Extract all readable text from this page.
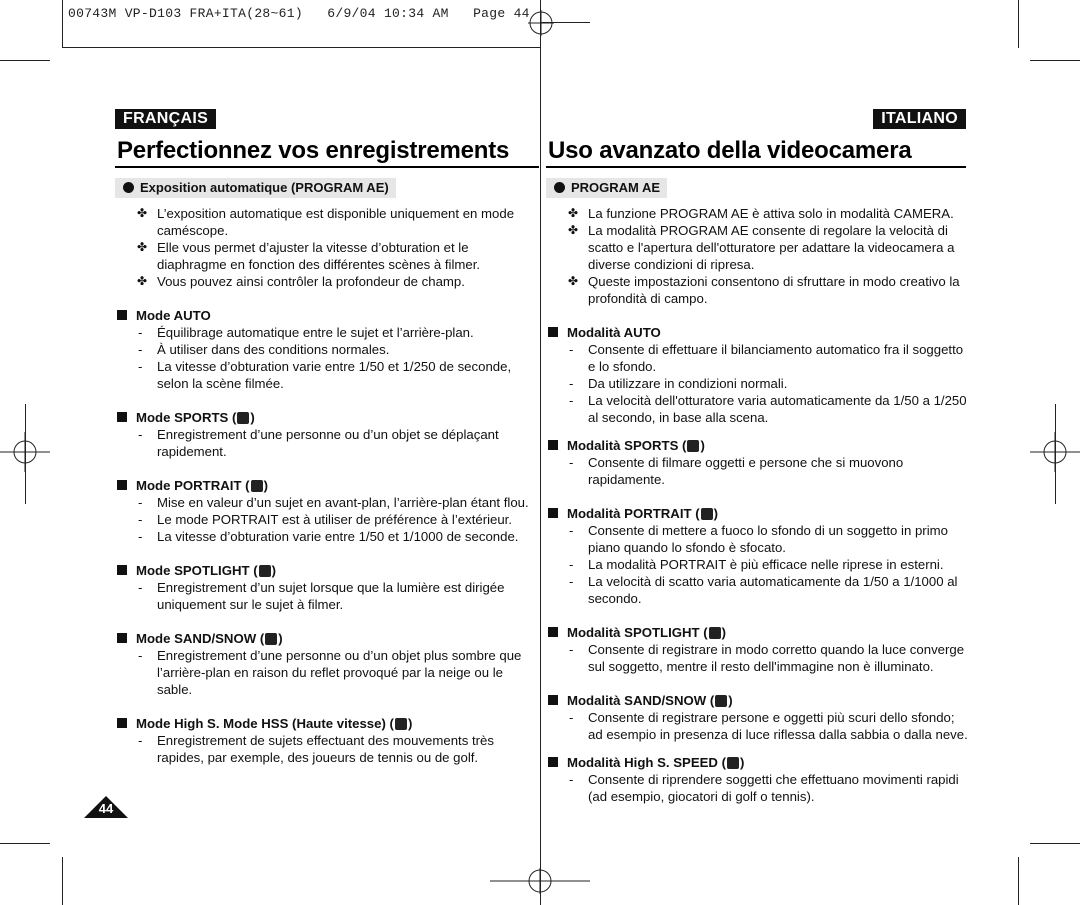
00743M VP-D103 FRA+ITA(28~61)   6/9/04 10:34 AM   Page 44
FRANÇAIS	ITALIANO
Perfectionnez vos enregistrements Uso avanzato della videocamera
Exposition automatique (PROGRAM AE)
✤ L’exposition automatique est disponible uniquement en mode caméscope.
✤ Elle vous permet d’ajuster la vitesse d’obturation et le diaphragme en fonction des différentes scènes à filmer.
✤ Vous pouvez ainsi contrôler la profondeur de champ.
Mode AUTO
- Équilibrage automatique entre le sujet et l’arrière-plan.
- À utiliser dans des conditions normales.
- La vitesse d’obturation varie entre 1/50 et 1/250 de seconde, selon la scène filmée.
Mode SPORTS ( )
- Enregistrement d’une personne ou d’un objet se déplaçant rapidement.
Mode PORTRAIT ( )
- Mise en valeur d’un sujet en avant-plan, l’arrière-plan étant flou.
- Le mode PORTRAIT est à utiliser de préférence à l’extérieur.
- La vitesse d’obturation varie entre 1/50 et 1/1000 de seconde.
Mode SPOTLIGHT ( )
- Enregistrement d’un sujet lorsque que la lumière est dirigée uniquement sur le sujet à filmer.
Mode SAND/SNOW ( )
- Enregistrement d’une personne ou d’un objet plus sombre que l’arrière-plan en raison du reflet provoqué par la neige ou le sable.
Mode High S. Mode HSS (Haute vitesse) ( )
- Enregistrement de sujets effectuant des mouvements très rapides, par exemple, des joueurs de tennis ou de golf.
PROGRAM AE
✤ La funzione PROGRAM AE è attiva solo in modalità CAMERA.
✤ La modalità PROGRAM AE consente di regolare la velocità di scatto e l'apertura dell'otturatore per adattare la videocamera a diverse condizioni di ripresa.
✤ Queste impostazioni consentono di sfruttare in modo creativo la profondità di campo.
Modalità AUTO
- Consente di effettuare il bilanciamento automatico fra il soggetto e lo sfondo.
- Da utilizzare in condizioni normali.
- La velocità dell'otturatore varia automaticamente da 1/50 a 1/250 al secondo, in base alla scena.
Modalità SPORTS ( )
- Consente di filmare oggetti e persone che si muovono rapidamente.
Modalità PORTRAIT ( )
- Consente di mettere a fuoco lo sfondo di un soggetto in primo piano quando lo sfondo è sfocato.
- La modalità PORTRAIT è più efficace nelle riprese in esterni.
- La velocità di scatto varia automaticamente da 1/50 a 1/1000 al secondo.
Modalità SPOTLIGHT ( )
- Consente di registrare in modo corretto quando la luce converge sul soggetto, mentre il resto dell'immagine non è illuminato.
Modalità SAND/SNOW ( )
- Consente di registrare persone e oggetti più scuri dello sfondo; ad esempio in presenza di luce riflessa dalla sabbia o dalla neve.
Modalità High S. SPEED ( )
- Consente di riprendere soggetti che effettuano movimenti rapidi (ad esempio, giocatori di golf o tennis).
44
